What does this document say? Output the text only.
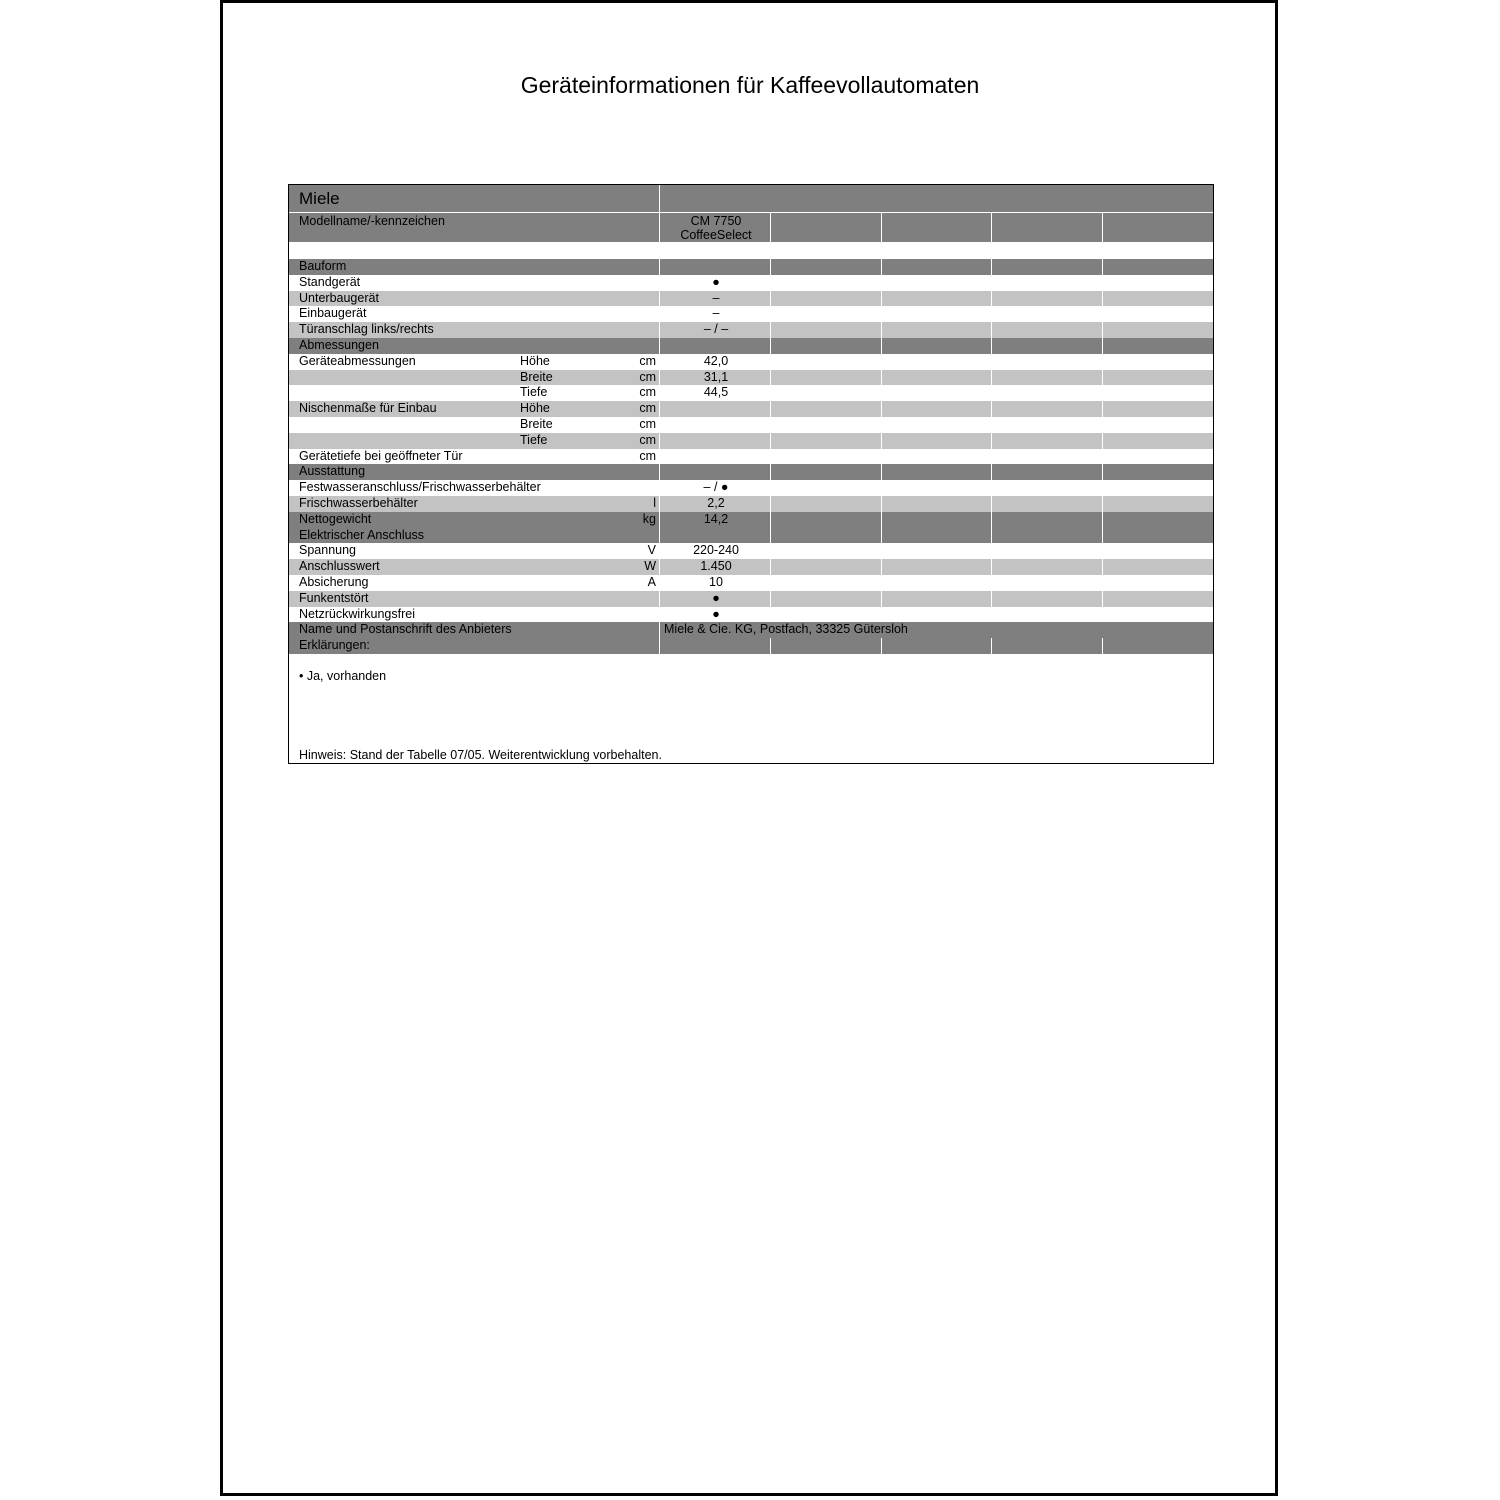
Geräteinformationen für Kaffeevollautomaten
Miele
Modellname/-kennzeichen	CM 7750
CoffeeSelect
Bauform
Standgerät	●
Unterbaugerät	–
Einbaugerät	–
Türanschlag links/rechts	– / –
Abmessungen
Geräteabmessungen	Höhe	cm	42,0
Breite	cm	31,1
Tiefe	cm	44,5
Nischenmaße für Einbau	Höhe	cm
Breite	cm
Tiefe	cm
Gerätetiefe bei geöffneter Tür	cm
Ausstattung
Festwasseranschluss/Frischwasserbehälter	– / ●
Frischwasserbehälter	l	2,2
Nettogewicht	kg	14,2
Elektrischer Anschluss
Spannung	V	220-240
Anschlusswert	W	1.450
Absicherung	A	10
Funkentstört	●
Netzrückwirkungsfrei	●
Name und Postanschrift des Anbieters	Miele & Cie. KG, Postfach, 33325 Gütersloh
Erklärungen:
• Ja, vorhanden
Hinweis: Stand der Tabelle 07/05. Weiterentwicklung vorbehalten.
